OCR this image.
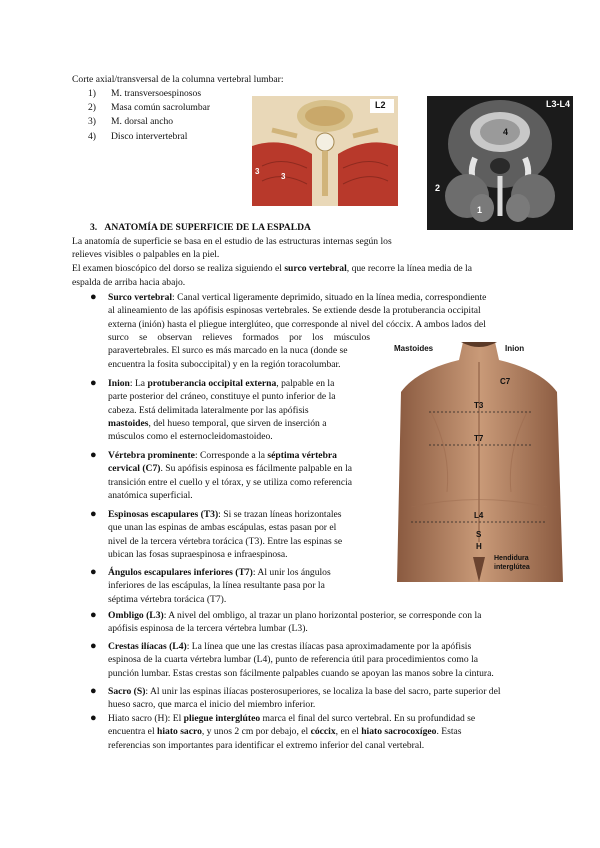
Corte axial/transversal de la columna vertebral lumbar:
1) M. transversoespinosos
2) Masa común sacrolumbar
3) M. dorsal ancho
4) Disco intervertebral
L2
3
3
L3-L4
4
2
1
3. ANATOMÍA DE SUPERFICIE DE LA ESPALDA
La anatomía de superficie se basa en el estudio de las estructuras internas según los
relieves visibles o palpables en la piel.
El examen bioscópico del dorso se realiza siguiendo el surco vertebral, que recorre la línea media de la
espalda de arriba hacia abajo.
● Surco vertebral: Canal vertical ligeramente deprimido, situado en la línea media, correspondiente
al alineamiento de las apófisis espinosas vertebrales. Se extiende desde la protuberancia occipital
externa (inión) hasta el pliegue interglúteo, que corresponde al nivel del cóccix. A ambos lados del
surco se observan relieves formados por los músculos
paravertebrales. El surco es más marcado en la nuca (donde se
encuentra la fosita suboccipital) y en la región toracolumbar.
● Inion: La protuberancia occipital externa, palpable en la
parte posterior del cráneo, constituye el punto inferior de la
cabeza. Está delimitada lateralmente por las apófisis
mastoides, del hueso temporal, que sirven de inserción a
músculos como el esternocleidomastoideo.
● Vértebra prominente: Corresponde a la séptima vértebra
cervical (C7). Su apófisis espinosa es fácilmente palpable en la
transición entre el cuello y el tórax, y se utiliza como referencia
anatómica superficial.
● Espinosas escapulares (T3): Si se trazan líneas horizontales
que unan las espinas de ambas escápulas, estas pasan por el
nivel de la tercera vértebra torácica (T3). Entre las espinas se
ubican las fosas supraespinosa e infraespinosa.
● Ángulos escapulares inferiores (T7): Al unir los ángulos
inferiores de las escápulas, la línea resultante pasa por la
séptima vértebra torácica (T7).
Mastoides	Inion
C7
T3
T7
L4
S
H
Hendidura
interglútea
● Ombligo (L3): A nivel del ombligo, al trazar un plano horizontal posterior, se corresponde con la
apófisis espinosa de la tercera vértebra lumbar (L3).
● Crestas ilíacas (L4): La línea que une las crestas ilíacas pasa aproximadamente por la apófisis
espinosa de la cuarta vértebra lumbar (L4), punto de referencia útil para procedimientos como la
punción lumbar. Estas crestas son fácilmente palpables cuando se apoyan las manos sobre la cintura.
● Sacro (S): Al unir las espinas ilíacas posterosuperiores, se localiza la base del sacro, parte superior del
hueso sacro, que marca el inicio del miembro inferior.
● Hiato sacro (H): El pliegue interglúteo marca el final del surco vertebral. En su profundidad se
encuentra el hiato sacro, y unos 2 cm por debajo, el cóccix, en el hiato sacrocoxígeo. Estas
referencias son importantes para identificar el extremo inferior del canal vertebral.
